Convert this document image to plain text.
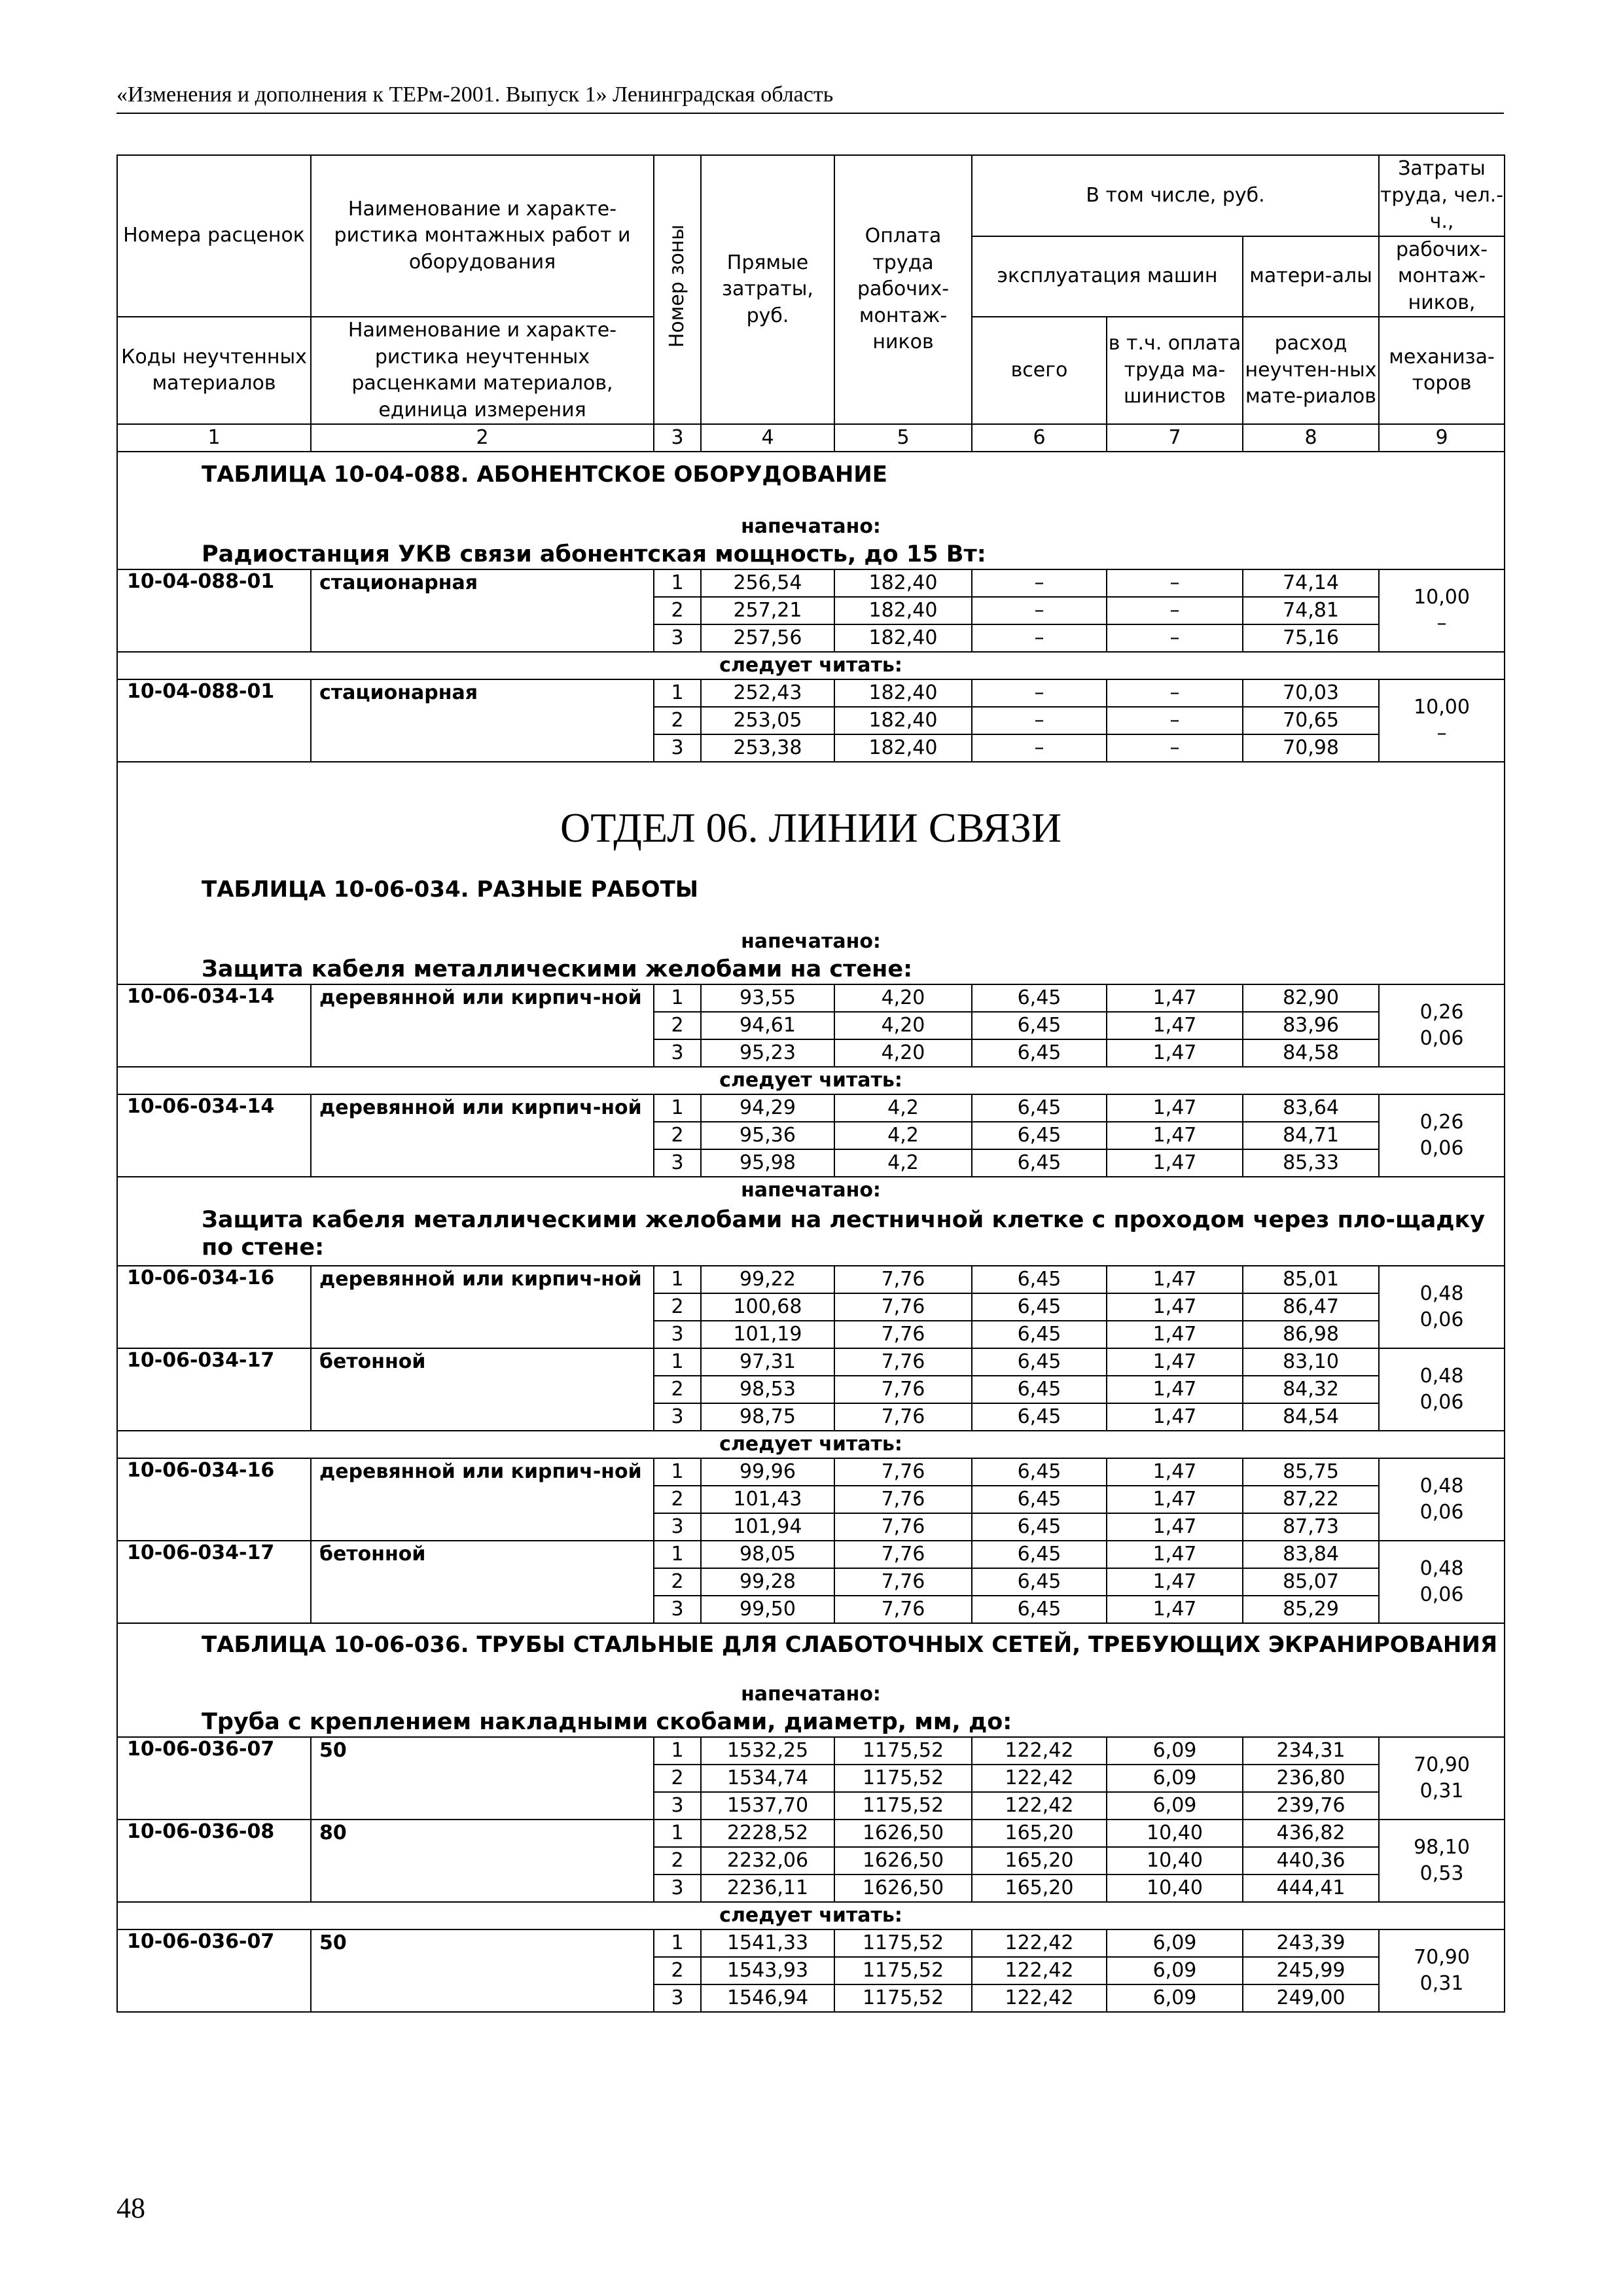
«Изменения и дополнения к ТЕРм-2001. Выпуск 1» Ленинградская область
Номера расценок	Наименование и характе-ристика монтажных работ и оборудования	Номер зоны	Прямые затраты, руб.	Оплата труда рабочих-монтаж-ников	В том числе, руб.			Затраты труда, чел.-ч.,
					эксплуатация машин		матери-алы	рабочих-монтаж-ников,
Коды неучтенных материалов	Наименование и характе-ристика неучтенных расценками материалов, единица измерения				всего	в т.ч. оплата труда ма-шинистов	расход неучтен-ных мате-риалов	механиза-торов
1	2	3	4	5	6	7	8	9
ТАБЛИЦА 10-04-088. АБОНЕНТСКОЕ ОБОРУДОВАНИЕ								
напечатано:								
Радиостанция УКВ связи абонентская мощность, до 15 Вт:								
10-04-088-01	стационарная	1	256,54	182,40	–	–	74,14	10,00
–

		2	257,21	182,40	–	–	74,81	
		3	257,56	182,40	–	–	75,16	
следует читать:								
10-04-088-01	стационарная	1	252,43	182,40	–	–	70,03	10,00
–

		2	253,05	182,40	–	–	70,65	
		3	253,38	182,40	–	–	70,98	
ОТДЕЛ 06. ЛИНИИ СВЯЗИ								
ТАБЛИЦА 10-06-034. РАЗНЫЕ РАБОТЫ								
напечатано:								
Защита кабеля металлическими желобами на стене:								
10-06-034-14	деревянной или кирпич-ной	1	93,55	4,20	6,45	1,47	82,90	0,26
0,06

		2	94,61	4,20	6,45	1,47	83,96	
		3	95,23	4,20	6,45	1,47	84,58	
следует читать:								
10-06-034-14	деревянной или кирпич-ной	1	94,29	4,2	6,45	1,47	83,64	0,26
0,06

		2	95,36	4,2	6,45	1,47	84,71	
		3	95,98	4,2	6,45	1,47	85,33	
напечатано:								
Защита кабеля металлическими желобами на лестничной клетке с проходом через пло-щадку по стене:								
10-06-034-16	деревянной или кирпич-ной	1	99,22	7,76	6,45	1,47	85,01	0,48
0,06

		2	100,68	7,76	6,45	1,47	86,47	
		3	101,19	7,76	6,45	1,47	86,98	
10-06-034-17	бетонной	1	97,31	7,76	6,45	1,47	83,10	0,48
0,06

		2	98,53	7,76	6,45	1,47	84,32	
		3	98,75	7,76	6,45	1,47	84,54	
следует читать:								
10-06-034-16	деревянной или кирпич-ной	1	99,96	7,76	6,45	1,47	85,75	0,48
0,06

		2	101,43	7,76	6,45	1,47	87,22	
		3	101,94	7,76	6,45	1,47	87,73	
10-06-034-17	бетонной	1	98,05	7,76	6,45	1,47	83,84	0,48
0,06

		2	99,28	7,76	6,45	1,47	85,07	
		3	99,50	7,76	6,45	1,47	85,29	
ТАБЛИЦА 10-06-036. ТРУБЫ СТАЛЬНЫЕ ДЛЯ СЛАБОТОЧНЫХ СЕТЕЙ, ТРЕБУЮЩИХ ЭКРАНИРОВАНИЯ								
напечатано:								
Труба с креплением накладными скобами, диаметр, мм, до:								
10-06-036-07	50	1	1532,25	1175,52	122,42	6,09	234,31	70,90
0,31

		2	1534,74	1175,52	122,42	6,09	236,80	
		3	1537,70	1175,52	122,42	6,09	239,76	
10-06-036-08	80	1	2228,52	1626,50	165,20	10,40	436,82	98,10
0,53

		2	2232,06	1626,50	165,20	10,40	440,36	
		3	2236,11	1626,50	165,20	10,40	444,41	
следует читать:								
10-06-036-07	50	1	1541,33	1175,52	122,42	6,09	243,39	70,90
0,31

		2	1543,93	1175,52	122,42	6,09	245,99	
		3	1546,94	1175,52	122,42	6,09	249,00	
48
